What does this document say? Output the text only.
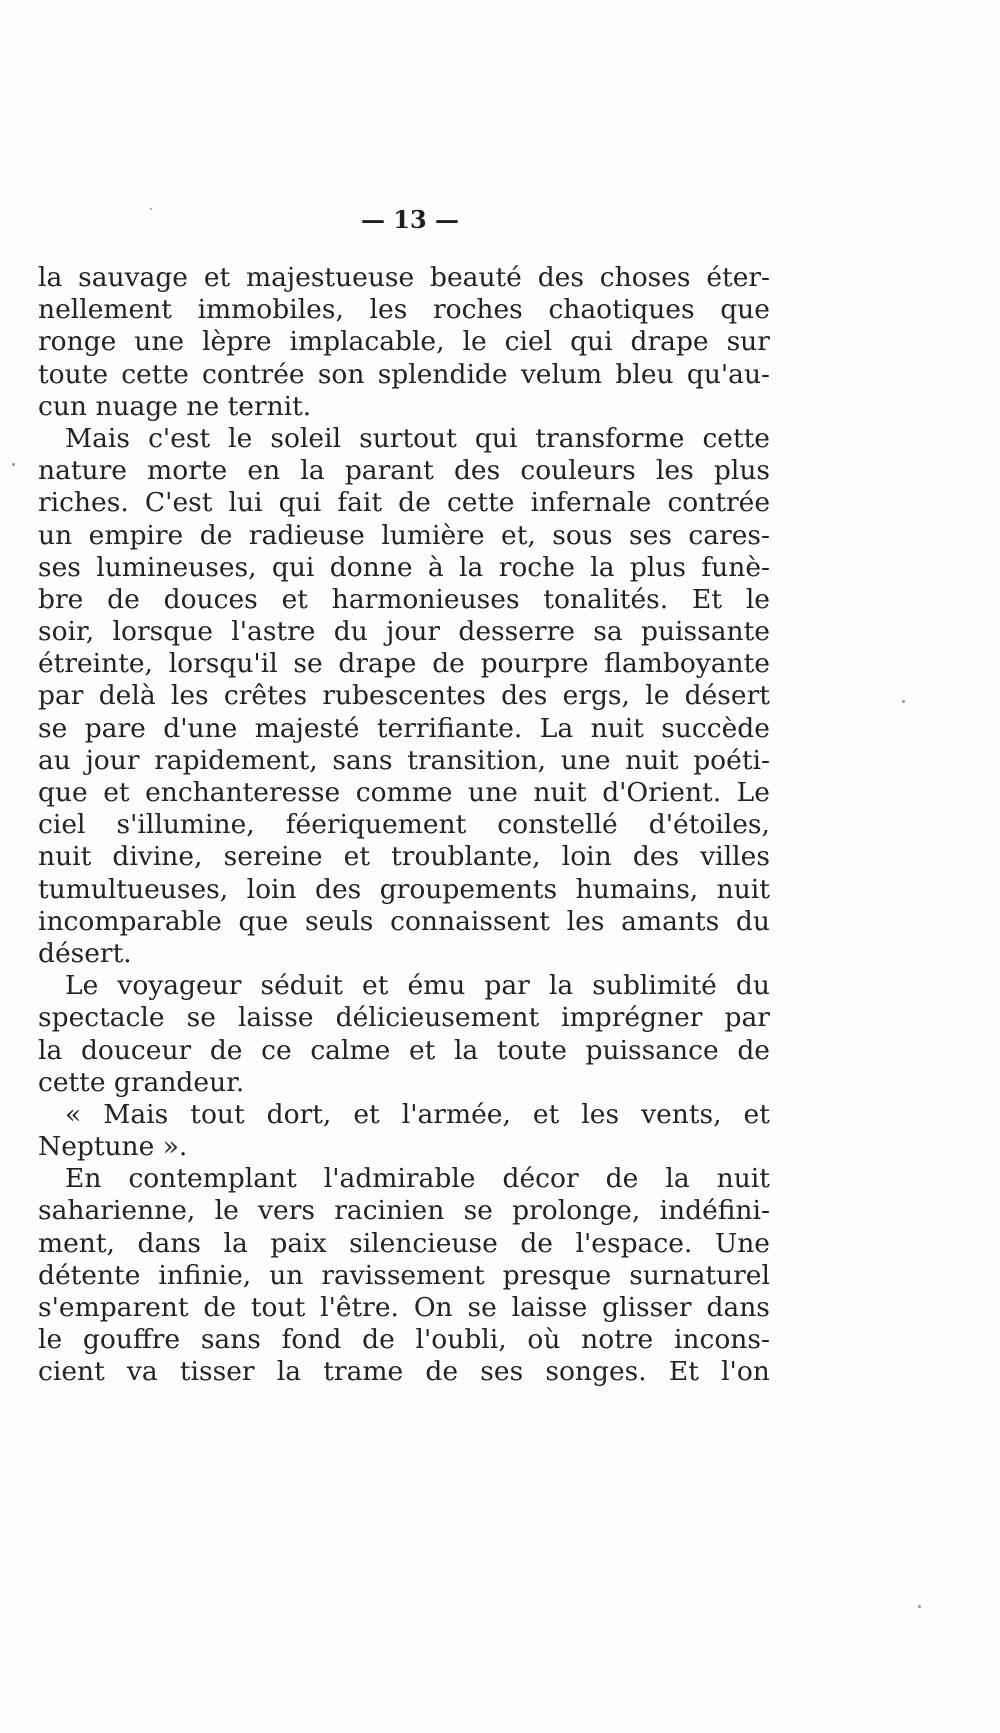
— 13 —
la sauvage et majestueuse beauté des choses éter-
nellement immobiles, les roches chaotiques que
ronge une lèpre implacable, le ciel qui drape sur
toute cette contrée son splendide velum bleu qu'au-
cun nuage ne ternit.
Mais c'est le soleil surtout qui transforme cette
nature morte en la parant des couleurs les plus
riches. C'est lui qui fait de cette infernale contrée
un empire de radieuse lumière et, sous ses cares-
ses lumineuses, qui donne à la roche la plus funè-
bre de douces et harmonieuses tonalités. Et le
soir, lorsque l'astre du jour desserre sa puissante
étreinte, lorsqu'il se drape de pourpre flamboyante
par delà les crêtes rubescentes des ergs, le désert
se pare d'une majesté terrifiante. La nuit succède
au jour rapidement, sans transition, une nuit poéti-
que et enchanteresse comme une nuit d'Orient. Le
ciel s'illumine, féeriquement constellé d'étoiles,
nuit divine, sereine et troublante, loin des villes
tumultueuses, loin des groupements humains, nuit
incomparable que seuls connaissent les amants du
désert.
Le voyageur séduit et ému par la sublimité du
spectacle se laisse délicieusement imprégner par
la douceur de ce calme et la toute puissance de
cette grandeur.
« Mais tout dort, et l'armée, et les vents, et
Neptune ».
En contemplant l'admirable décor de la nuit
saharienne, le vers racinien se prolonge, indéfini-
ment, dans la paix silencieuse de l'espace. Une
détente infinie, un ravissement presque surnaturel
s'emparent de tout l'être. On se laisse glisser dans
le gouffre sans fond de l'oubli, où notre incons-
cient va tisser la trame de ses songes. Et l'on
